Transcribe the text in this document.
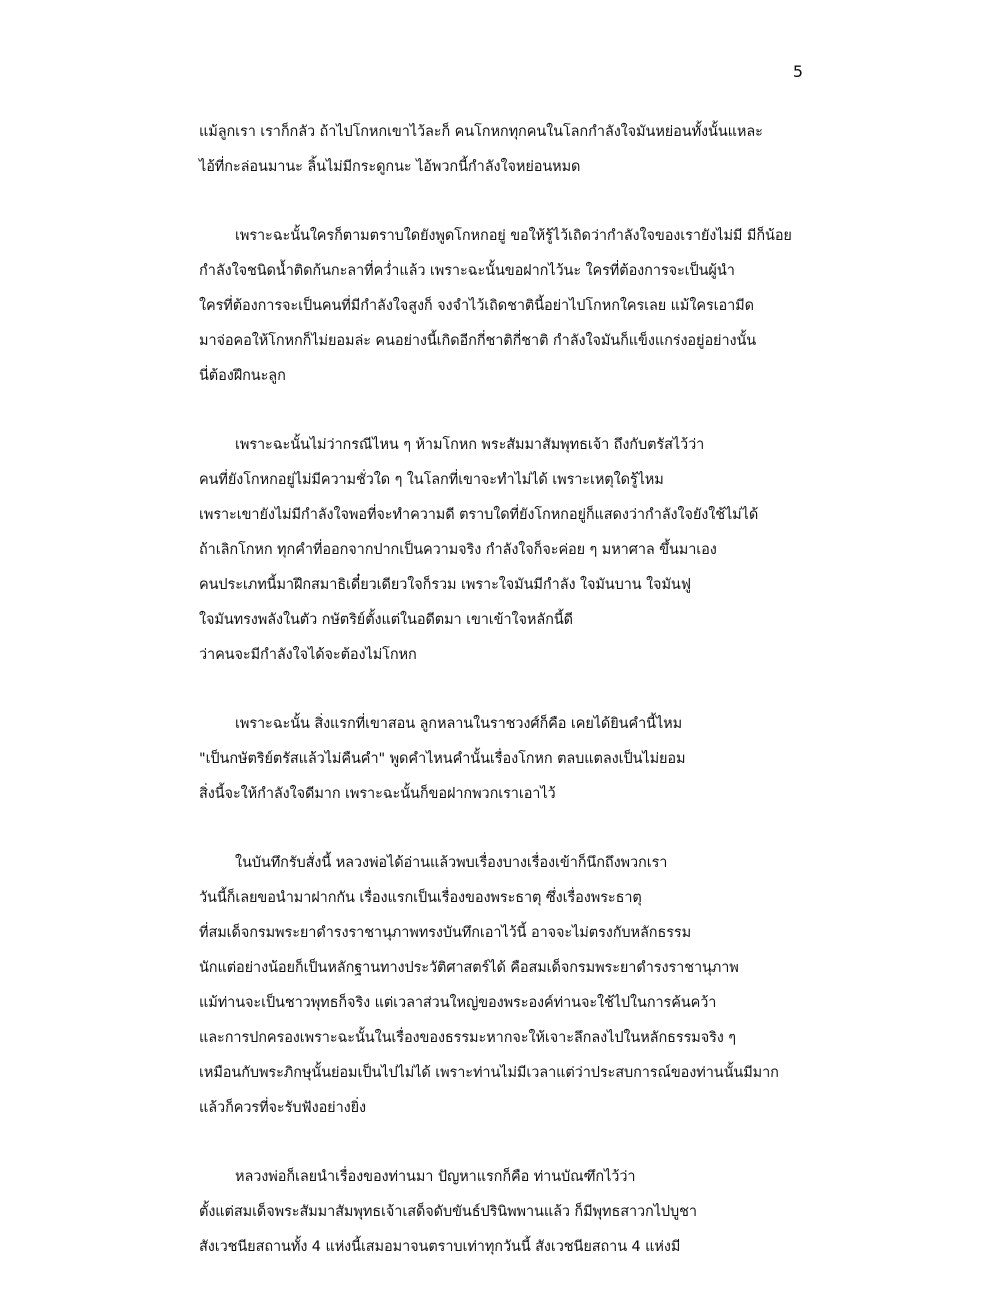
5

แม้ลูกเรา เราก็กลัว ถ้าไปโกหกเขาไว้ละก็ คนโกหกทุกคนในโลกกำลังใจมันหย่อนทั้งนั้นแหละ
ไอ้ที่กะล่อนมานะ ลิ้นไม่มีกระดูกนะ ไอ้พวกนี้กำลังใจหย่อนหมด

เพราะฉะนั้นใครก็ตามตราบใดยังพูดโกหกอยู่ ขอให้รู้ไว้เถิดว่ากำลังใจของเรายังไม่มี มีก็น้อย
กำลังใจชนิดน้ำติดก้นกะลาที่คว่ำแล้ว เพราะฉะนั้นขอฝากไว้นะ ใครที่ต้องการจะเป็นผู้นำ
ใครที่ต้องการจะเป็นคนที่มีกำลังใจสูงก็ จงจำไว้เถิดชาตินี้อย่าไปโกหกใครเลย แม้ใครเอามีด
มาจ่อคอให้โกหกก็ไม่ยอมล่ะ คนอย่างนี้เกิดอีกกี่ชาติกี่ชาติ กำลังใจมันก็แข็งแกร่งอยู่อย่างนั้น
นี่ต้องฝึกนะลูก

เพราะฉะนั้นไม่ว่ากรณีไหน ๆ ห้ามโกหก พระสัมมาสัมพุทธเจ้า ถึงกับตรัสไว้ว่า
คนที่ยังโกหกอยู่ไม่มีความชั่วใด ๆ ในโลกที่เขาจะทำไม่ได้ เพราะเหตุใดรู้ไหม
เพราะเขายังไม่มีกำลังใจพอที่จะทำความดี ตราบใดที่ยังโกหกอยู่ก็แสดงว่ากำลังใจยังใช้ไม่ได้
ถ้าเลิกโกหก ทุกคำที่ออกจากปากเป็นความจริง กำลังใจก็จะค่อย ๆ มหาศาล ขึ้นมาเอง
คนประเภทนี้มาฝึกสมาธิเดี๋ยวเดียวใจก็รวม เพราะใจมันมีกำลัง ใจมันบาน ใจมันฟู
ใจมันทรงพลังในตัว กษัตริย์ตั้งแต่ในอดีตมา เขาเข้าใจหลักนี้ดี
ว่าคนจะมีกำลังใจได้จะต้องไม่โกหก

เพราะฉะนั้น สิ่งแรกที่เขาสอน ลูกหลานในราชวงศ์ก็คือ เคยได้ยินคำนี้ไหม
"เป็นกษัตริย์ตรัสแล้วไม่คืนคำ" พูดคำไหนคำนั้นเรื่องโกหก ตลบแตลงเป็นไม่ยอม
สิ่งนี้จะให้กำลังใจดีมาก เพราะฉะนั้นก็ขอฝากพวกเราเอาไว้

ในบันทึกรับสั่งนี้ หลวงพ่อได้อ่านแล้วพบเรื่องบางเรื่องเข้าก็นึกถึงพวกเรา
วันนี้ก็เลยขอนำมาฝากกัน เรื่องแรกเป็นเรื่องของพระธาตุ ซึ่งเรื่องพระธาตุ
ที่สมเด็จกรมพระยาดำรงราชานุภาพทรงบันทึกเอาไว้นี้ อาจจะไม่ตรงกับหลักธรรม
นักแต่อย่างน้อยก็เป็นหลักฐานทางประวัติศาสตร์ได้ คือสมเด็จกรมพระยาดำรงราชานุภาพ
แม้ท่านจะเป็นชาวพุทธก็จริง แต่เวลาส่วนใหญ่ของพระองค์ท่านจะใช้ไปในการค้นคว้า
และการปกครองเพราะฉะนั้นในเรื่องของธรรมะหากจะให้เจาะลึกลงไปในหลักธรรมจริง ๆ
เหมือนกับพระภิกษุนั้นย่อมเป็นไปไม่ได้ เพราะท่านไม่มีเวลาแต่ว่าประสบการณ์ของท่านนั้นมีมาก
แล้วก็ควรที่จะรับฟังอย่างยิ่ง

หลวงพ่อก็เลยนำเรื่องของท่านมา ปัญหาแรกก็คือ ท่านบัณฑึกไว้ว่า
ตั้งแต่สมเด็จพระสัมมาสัมพุทธเจ้าเสด็จดับขันธ์ปรินิพพานแล้ว ก็มีพุทธสาวกไปบูชา
สังเวชนียสถานทั้ง 4 แห่งนี้เสมอมาจนตราบเท่าทุกวันนี้ สังเวชนียสถาน 4 แห่งมี
